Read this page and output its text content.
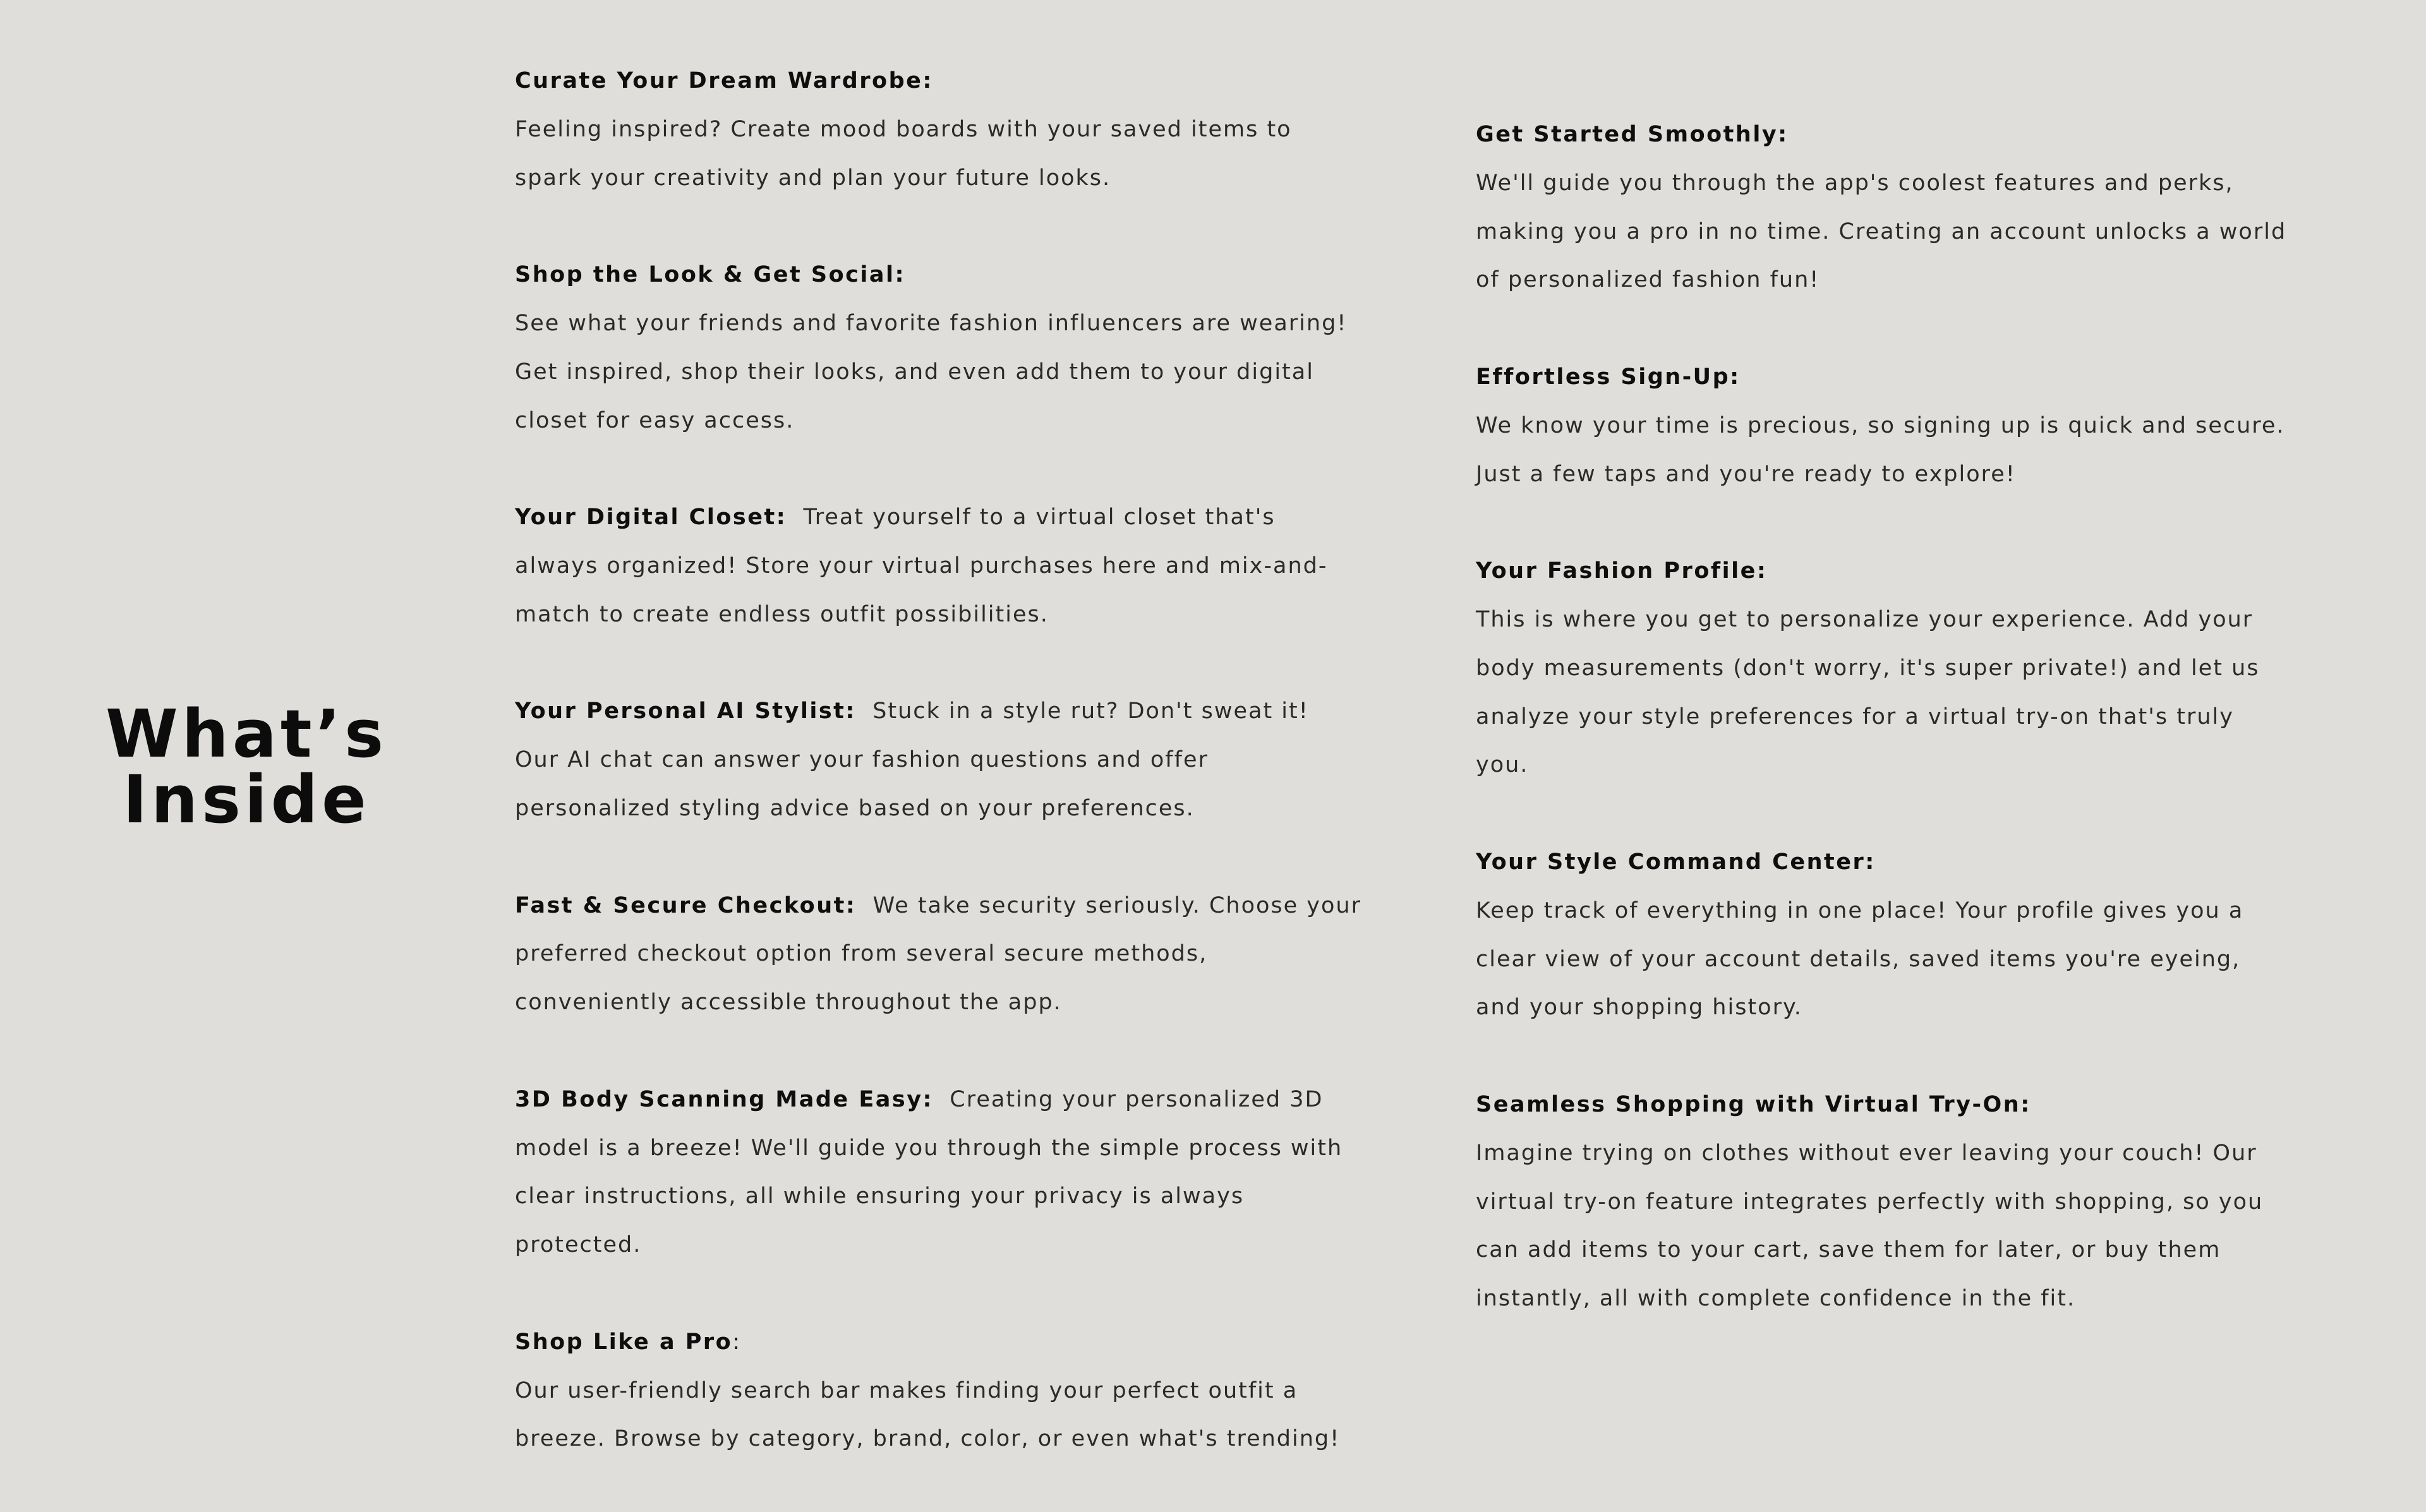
What’s
Inside

Curate Your Dream Wardrobe:

Feeling inspired? Create mood boards with your saved items to spark your creativity and plan your future looks.

Shop the Look & Get Social:

See what your friends and favorite fashion influencers are wearing! Get inspired, shop their looks, and even add them to your digital closet for easy access.

Your Digital Closet: Treat yourself to a virtual closet that's always organized! Store your virtual purchases here and mix-and-match to create endless outfit possibilities.

Your Personal AI Stylist: Stuck in a style rut? Don't sweat it! Our AI chat can answer your fashion questions and offer personalized styling advice based on your preferences.

Fast & Secure Checkout: We take security seriously. Choose your preferred checkout option from several secure methods, conveniently accessible throughout the app.

3D Body Scanning Made Easy: Creating your personalized 3D model is a breeze! We'll guide you through the simple process with clear instructions, all while ensuring your privacy is always protected.

Shop Like a Pro:

Our user-friendly search bar makes finding your perfect outfit a breeze. Browse by category, brand, color, or even what's trending!

Get Started Smoothly:

We'll guide you through the app's coolest features and perks, making you a pro in no time. Creating an account unlocks a world of personalized fashion fun!

Effortless Sign-Up:

We know your time is precious, so signing up is quick and secure. Just a few taps and you're ready to explore!

Your Fashion Profile:

This is where you get to personalize your experience. Add your body measurements (don't worry, it's super private!) and let us analyze your style preferences for a virtual try-on that's truly you.

Your Style Command Center:

Keep track of everything in one place! Your profile gives you a clear view of your account details, saved items you're eyeing, and your shopping history.

Seamless Shopping with Virtual Try-On:

Imagine trying on clothes without ever leaving your couch! Our virtual try-on feature integrates perfectly with shopping, so you can add items to your cart, save them for later, or buy them instantly, all with complete confidence in the fit.
